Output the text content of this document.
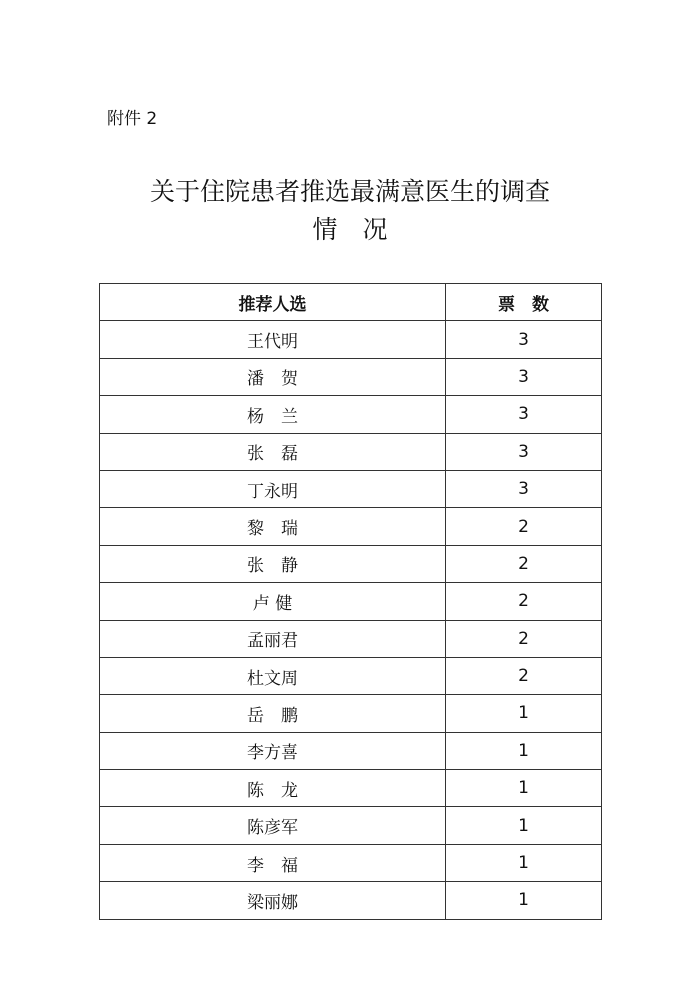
附件 2
关于住院患者推选最满意医生的调查
情　况
推荐人选	票　数
王代明	3
潘　贺	3
杨　兰	3
张　磊	3
丁永明	3
黎　瑞	2
张　静	2
卢 健	2
孟丽君	2
杜文周	2
岳　鹏	1
李方喜	1
陈　龙	1
陈彦军	1
李　福	1
梁丽娜	1
